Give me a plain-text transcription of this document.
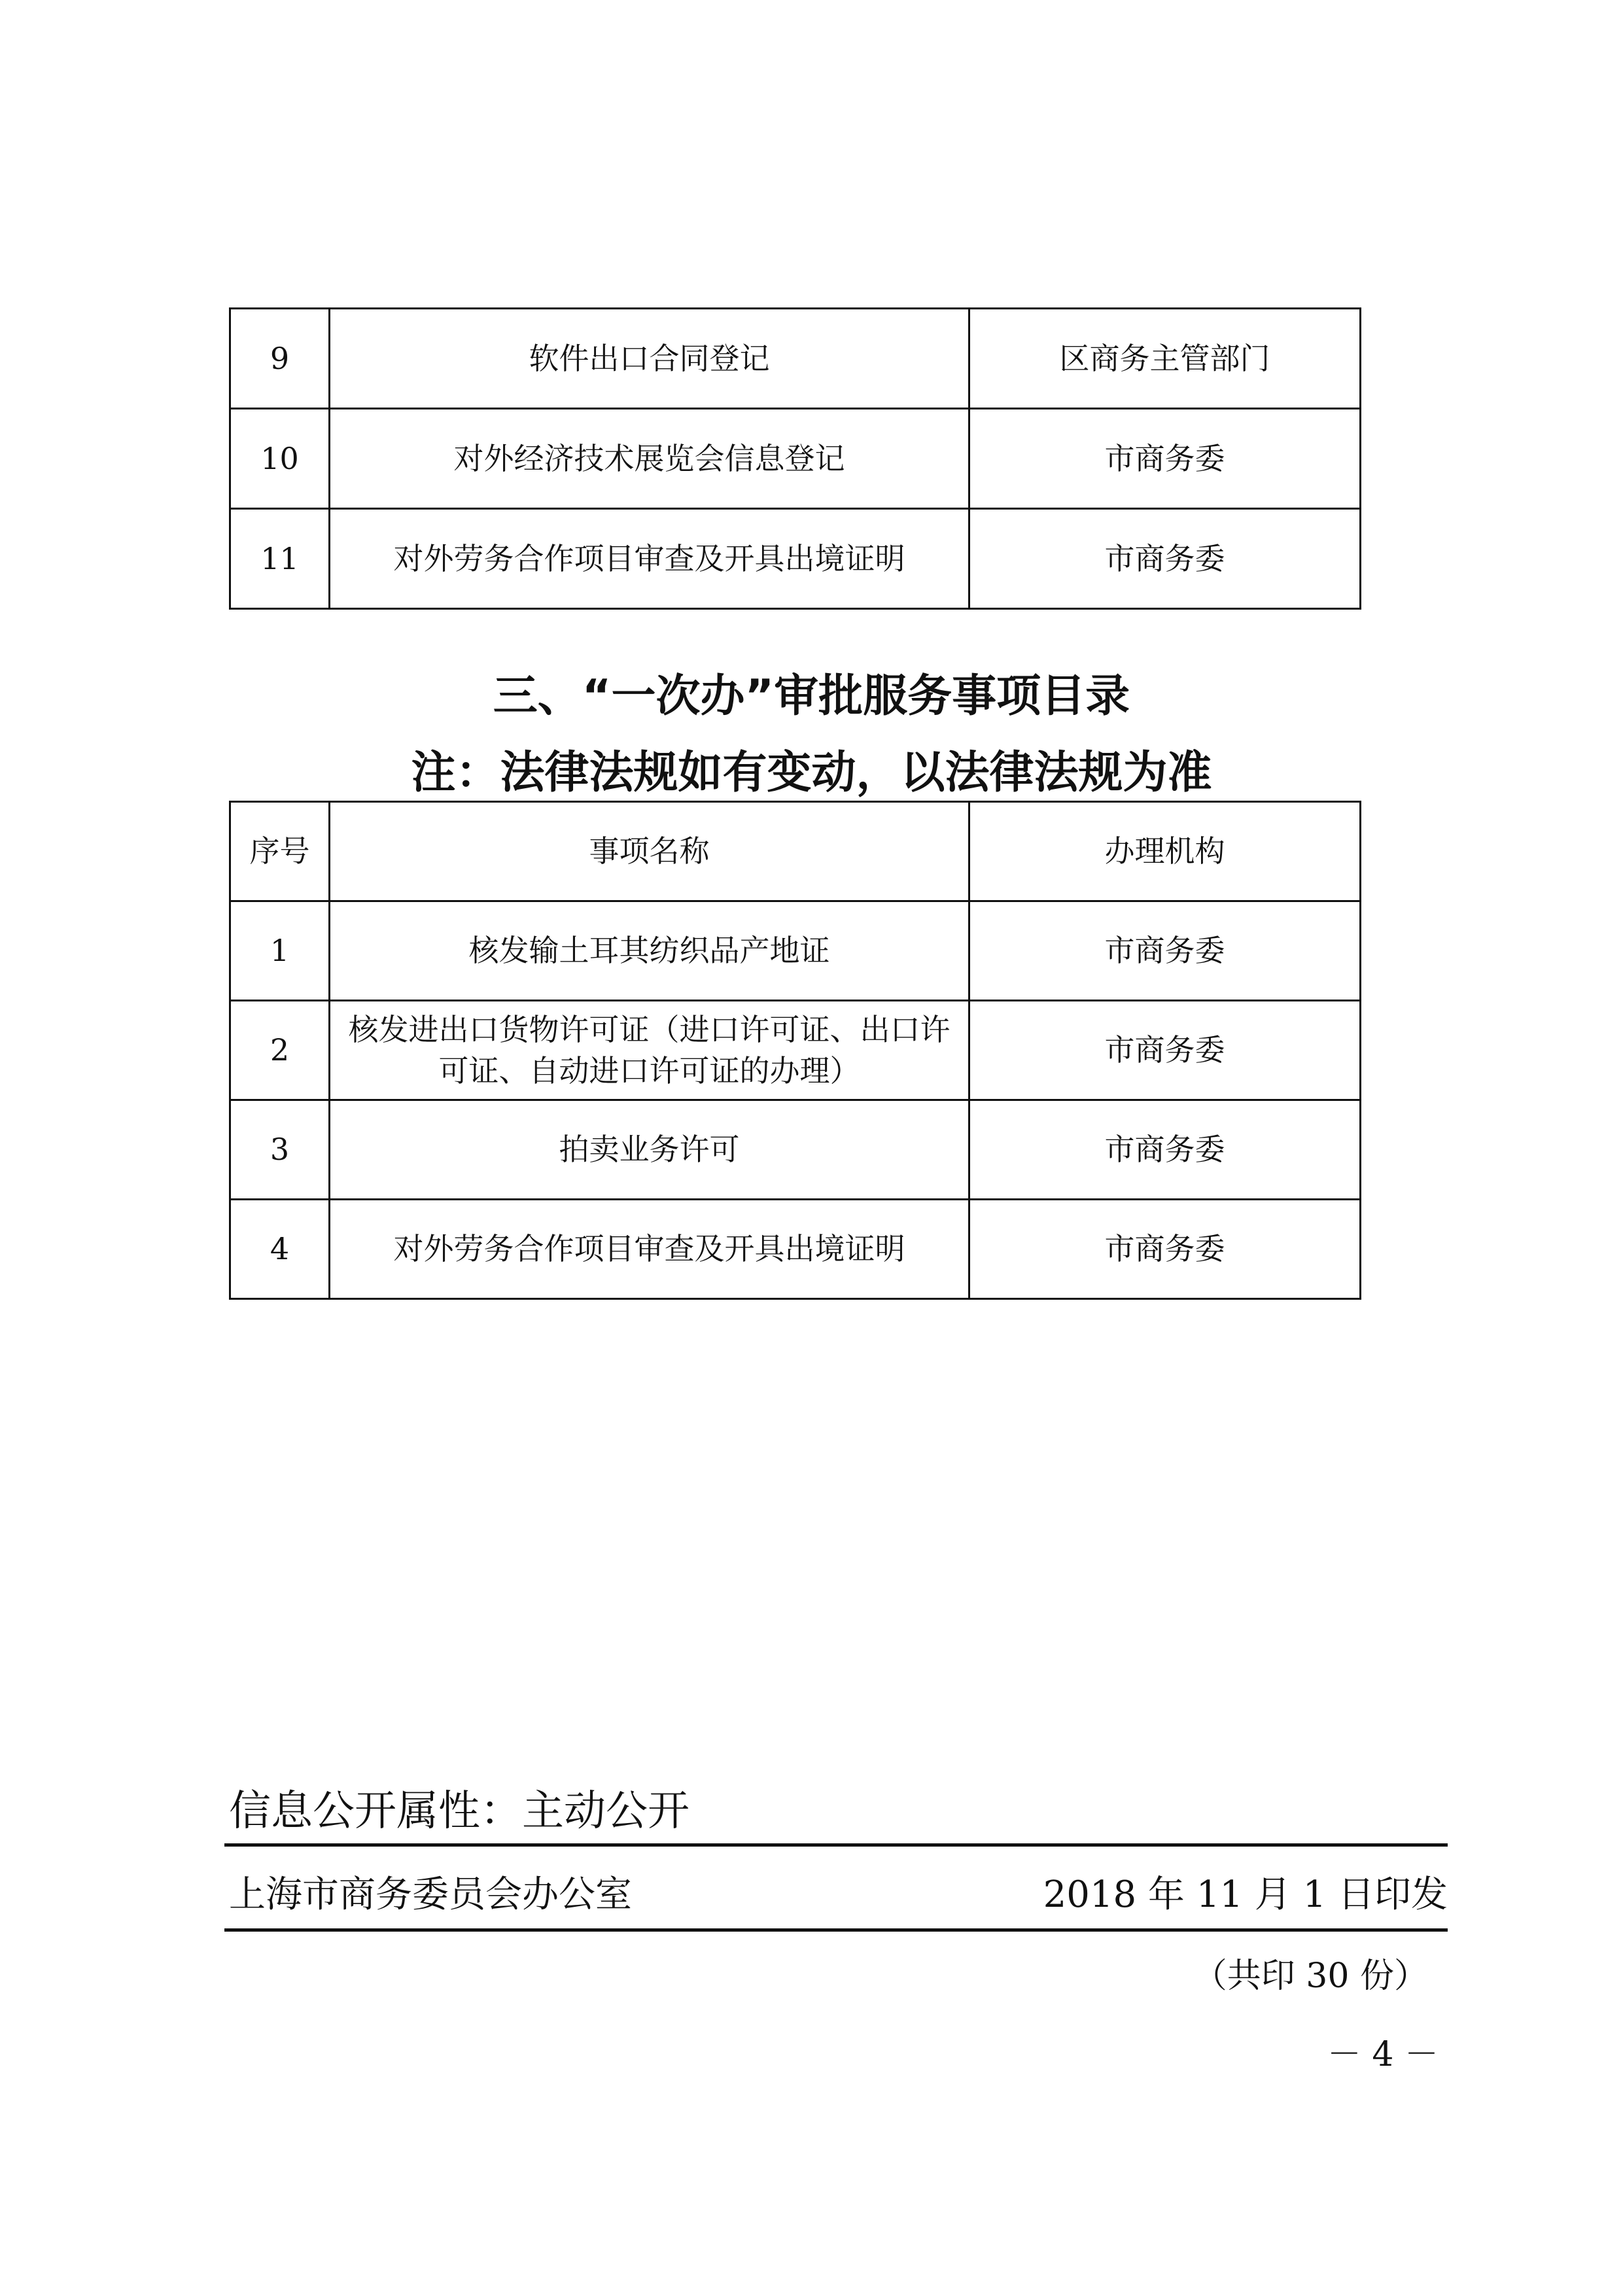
9	软件出口合同登记	区商务主管部门
10	对外经济技术展览会信息登记	市商务委
11	对外劳务合作项目审查及开具出境证明	市商务委
三、“一次办”审批服务事项目录
注：法律法规如有变动，以法律法规为准
序号	事项名称	办理机构
1	核发输土耳其纺织品产地证	市商务委
2	核发进出口货物许可证（进口许可证、出口许可证、自动进口许可证的办理）	市商务委
3	拍卖业务许可	市商务委
4	对外劳务合作项目审查及开具出境证明	市商务委
信息公开属性：主动公开
上海市商务委员会办公室	2018 年 11 月 1 日印发
（共印 30 份）
－ 4 －
